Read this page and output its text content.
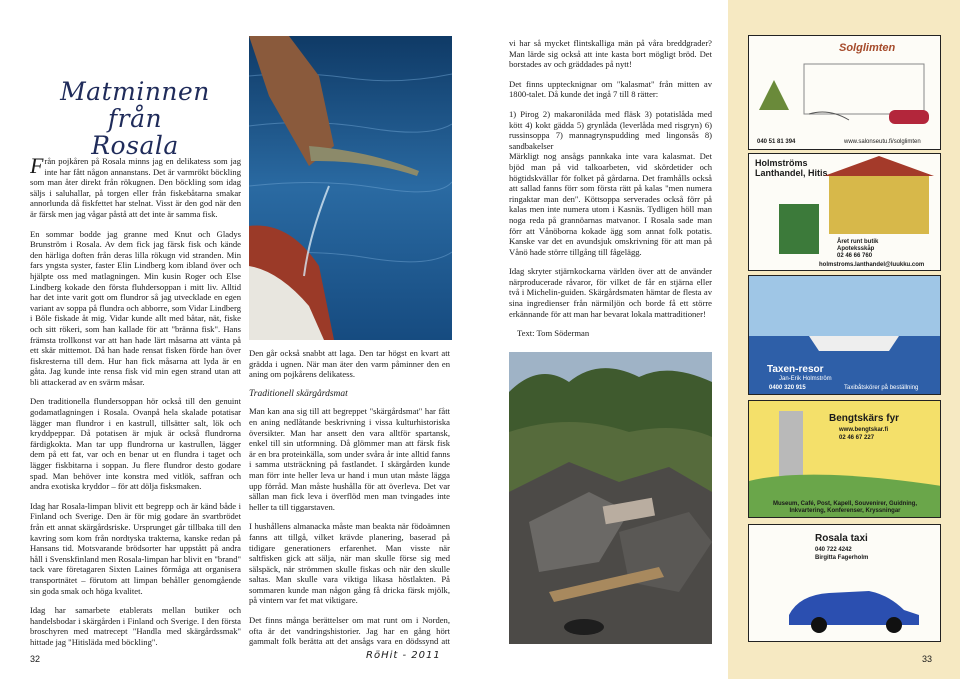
Matminnen från
Rosala

Från pojkåren på Rosala minns jag en delikatess som jag inte har fått någon annanstans. Det är varmrökt böckling som man åter direkt från rökugnen. Den böckling som idag säljs i saluhallar, på torgen eller från fiskebåtarna smakar annorlunda då fiskfettet har stelnat. Visst är den god när den är färsk men jag vågar påstå att det inte är samma fisk.

En sommar bodde jag granne med Knut och Gladys Brunström i Rosala. Av dem fick jag färsk fisk och kände den härliga doften från deras lilla rökugn vid stranden. Min fars yngsta syster, faster Elin Lindberg kom ibland över och hjälpte oss med matlagningen. Min kusin Roger och Else Lindberg kokade den första fluhdersoppan i mitt liv. Alltid har det inte varit gott om flundror så jag utvecklade en egen variant av soppa på flundra och abborre, som Vidar Lindberg i Böle fiskade åt mig. Vidar kunde allt med båtar, nät, fiske och sitt rökeri, som han kallade för att "bränna fisk". Hans främsta trollkonst var att han hade lärt måsarna att vänta på ett skär mittemot. Då han hade rensat fisken förde han över fiskresterna till dem. Hur han fick måsarna att lyda är en gåta. Jag kunde inte rensa fisk vid min egen strand utan att bli attackerad av en svärm måsar.

Den traditionella flundersoppan hör också till den genuint godamatlagningen i Rosala. Ovanpå hela skalade potatisar lägger man flundror i en kastrull, tillsätter salt, lök och kryddpeppar. Då potatisen är mjuk är också flundrorna färdigkokta. Man tar upp flundrorna ur kastrullen, lägger dem på ett fat, var och en benar ut en flundra i taget och lägger fiskbitarna i soppan. Ju flere flundror desto godare spad. Man behöver inte konstra med vitlök, saffran och andra exotiska kryddor – för att dölja fisksmaken.

Idag har Rosala-limpan blivit ett begrepp och är känd både i Finland och Sverige. Den är för mig godare än svartbrödet från ett annat skärgårdsriske. Ursprunget går tillbaka till den kavring som kom från nordtyska trakterna, kanske redan på Hansans tid. Motsvarande brödsorter har uppstått på andra håll i Svenskfinland men Rosala-limpan har blivit en "brand" tack vare företagaren Sixten Laines förmåga att organisera transportnätet – förutom att limpan behåller genomgående sin goda smak och höga kvalitet.

Idag har samarbete etablerats mellan butiker och handelsbodar i skärgården i Finland och Sverige. I den första broschyren med matrecept "Handla med skärgårdssmak" hittade jag "Hitisläda med böckling".

Den går också snabbt att laga. Den tar högst en kvart att grädda i ugnen. När man äter den varm påminner den en aning om pojkårens delikatess.

Traditionell skärgårdsmat

Man kan ana sig till att begreppet "skärgårdsmat" har fått en aning nedlåtande beskrivning i vissa kulturhistoriska översikter. Man har ansett den vara alltför spartansk, enkel till sin utformning. Då glömmer man att färsk fisk är en bra proteinkälla, som under svåra år inte alltid fanns i samma utsträckning på fastlandet. I skärgården kunde man förr inte heller leva ur hand i mun utan måste lägga upp förråd. Man måste hushålla för att överleva. Det var sällan man fick leva i överflöd men man tvingades inte heller ta till tiggarstaven.

I hushållens almanacka måste man beakta när födoämnen fanns att tillgå, vilket krävde planering, baserad på tidigare generationers erfarenhet. Man visste när saltfisken gick att sälja, när man skulle förse sig med sälspäck, när strömmen skulle fiskas och när den skulle saltas. Man skulle vara viktiga likasa höstlakten. På sommaren kunde man någon gång få dricka färsk mjölk, på vintern var fet mat viktigare.

Det finns många berättelser om mat runt om i Norden, ofta är det vandringshistorier. Jag har en gång hört gammalt folk berätta att det ansågs vara en dödssynd att

vi har så mycket flintskalliga män på våra breddgrader? Man lärde sig också att inte kasta bort mögligt bröd. Det borstades av och gräddades på nytt!

Det finns upptecknignar om "kalasmat" från mitten av 1800-talet. Då kunde det ingå 7 till 8 rätter:

1) Pirog 2) makaronilåda med fläsk 3) potatislåda med kött 4) kokt gädda 5) grynlåda (leverlåda med risgryn) 6) russinsoppa 7) mannagrynspudding med lingonsås 8) sandbakelser

Märkligt nog ansågs pannkaka inte vara kalasmat. Det bjöd man på vid talkoarbeten, vid skördetider och högtidskvällar för folket på gårdarna. Det framhålls också att sallad fanns förr som första rätt på kalas "men numera ringaktar man den". Köttsoppa serverades också förr på kalas men inte numera utom i Kasnäs. Tydligen höll man noga reda på grannöarnas matvanor. I Rosala sade man förr att Vånöborna kokade ägg som annat folk potatis. Kanske var det en avundsjuk omskrivning för att man på Vånö hade större tillgång till fågelägg.

Idag skryter stjärnkockarna världen över att de använder närproducerade råvaror, för vilket de får en stjärna eller två i Michelin-guiden. Skärgårdsmaten hämtar de flesta av sina ingredienser från närmiljön och borde få ett större erkännande för att man har bevarat lokala mattraditioner!

Text: Tom Söderman

Solglimten
040 51 81 394	www.salonseutu.fi/solglimten
Holmströms Lanthandel, Hitis
Året runt butik
Apoteksskåp
02 46 66 760
holmstroms.lanthandel@luukku.com
Taxen-resor
Jan-Erik Holmström
0400 320 915	Taxibåtskörer på beställning
Bengtskärs fyr
www.bengtskar.fi
02 46 67 227
Museum, Café, Post, Kapell, Souvenirer, Guidning, Inkvartering, Konferenser, Kryssningar
Rosala taxi
040 722 4242
Birgitta Fagerholm
32	RöHit - 2011	33
